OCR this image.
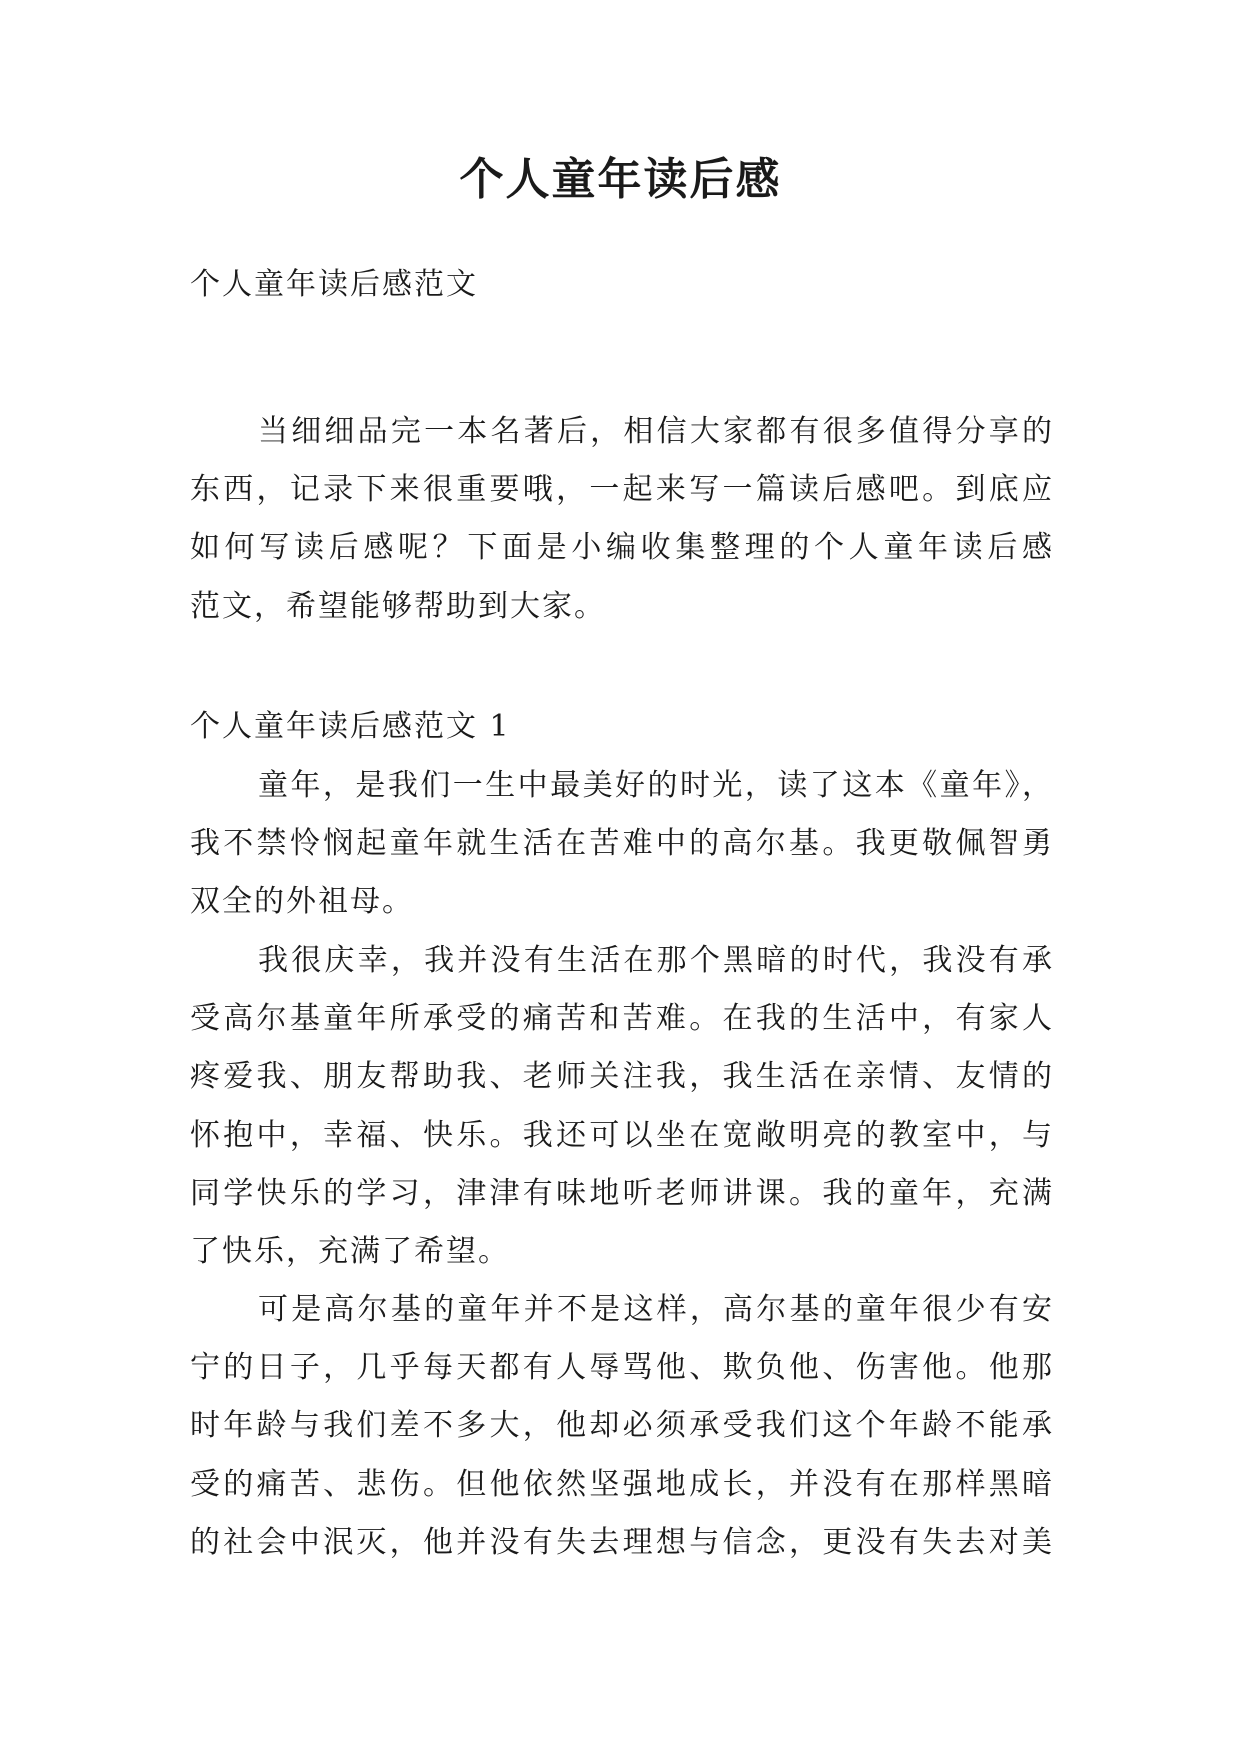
个人童年读后感

个人童年读后感范文

当细细品完一本名著后，相信大家都有很多值得分享的
东西，记录下来很重要哦，一起来写一篇读后感吧。到底应
如何写读后感呢？下面是小编收集整理的个人童年读后感
范文，希望能够帮助到大家。

个人童年读后感范文 1

童年，是我们一生中最美好的时光，读了这本《童年》，
我不禁怜悯起童年就生活在苦难中的高尔基。我更敬佩智勇
双全的外祖母。
我很庆幸，我并没有生活在那个黑暗的时代，我没有承
受高尔基童年所承受的痛苦和苦难。在我的生活中，有家人
疼爱我、朋友帮助我、老师关注我，我生活在亲情、友情的
怀抱中，幸福、快乐。我还可以坐在宽敞明亮的教室中，与
同学快乐的学习，津津有味地听老师讲课。我的童年，充满
了快乐，充满了希望。
可是高尔基的童年并不是这样，高尔基的童年很少有安
宁的日子，几乎每天都有人辱骂他、欺负他、伤害他。他那
时年龄与我们差不多大，他却必须承受我们这个年龄不能承
受的痛苦、悲伤。但他依然坚强地成长，并没有在那样黑暗
的社会中泯灭，他并没有失去理想与信念，更没有失去对美
